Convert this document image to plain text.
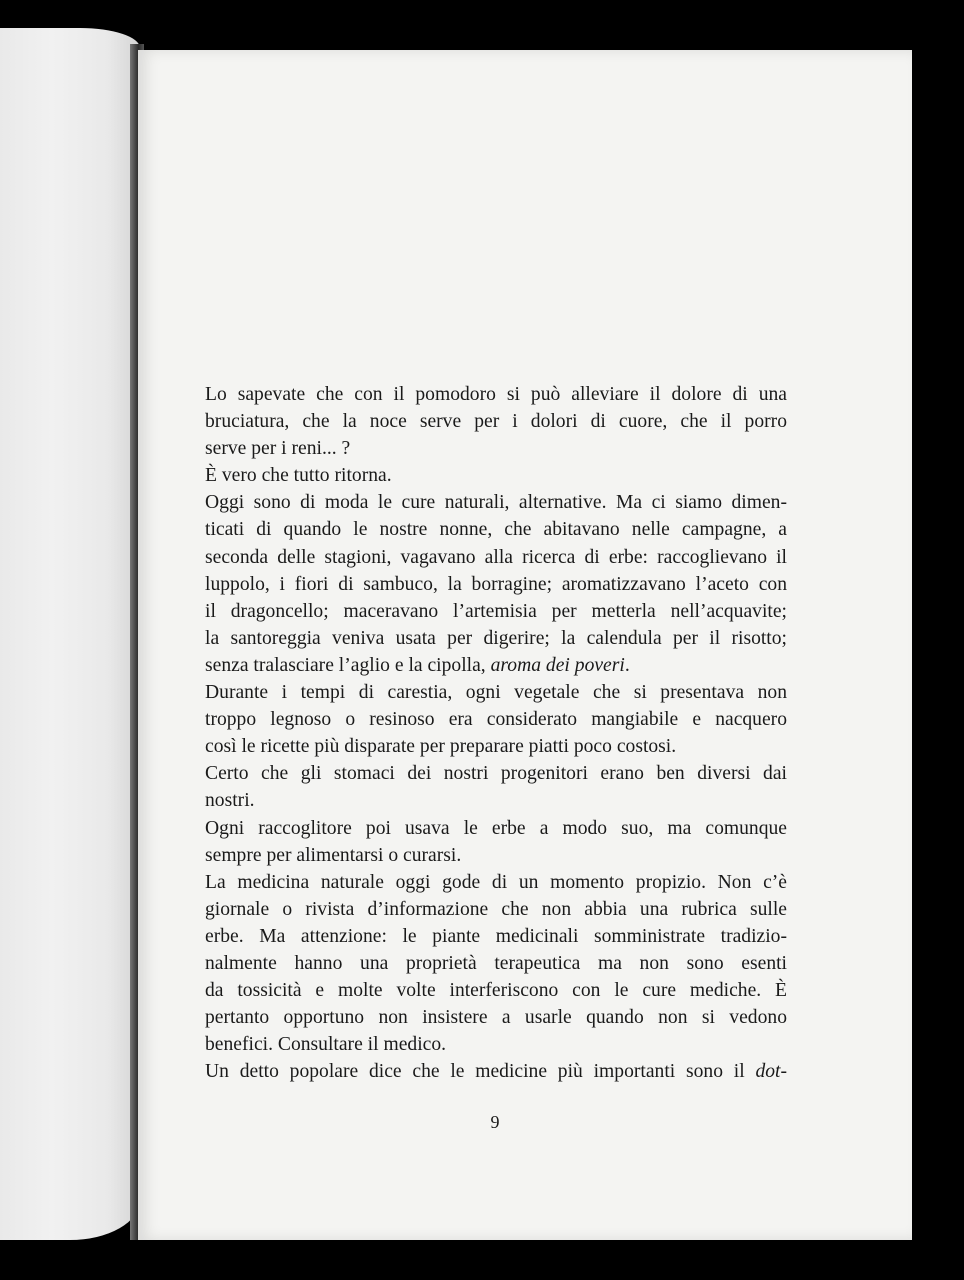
Lo sapevate che con il pomodoro si può alleviare il dolore di una
bruciatura, che la noce serve per i dolori di cuore, che il porro
serve per i reni... ?
È vero che tutto ritorna.
Oggi sono di moda le cure naturali, alternative. Ma ci siamo dimen-
ticati di quando le nostre nonne, che abitavano nelle campagne, a
seconda delle stagioni, vagavano alla ricerca di erbe: raccoglievano il
luppolo, i fiori di sambuco, la borragine; aromatizzavano l’aceto con
il dragoncello; maceravano l’artemisia per metterla nell’acquavite;
la santoreggia veniva usata per digerire; la calendula per il risotto;
senza tralasciare l’aglio e la cipolla, aroma dei poveri.
Durante i tempi di carestia, ogni vegetale che si presentava non
troppo legnoso o resinoso era considerato mangiabile e nacquero
così le ricette più disparate per preparare piatti poco costosi.
Certo che gli stomaci dei nostri progenitori erano ben diversi dai
nostri.
Ogni raccoglitore poi usava le erbe a modo suo, ma comunque
sempre per alimentarsi o curarsi.
La medicina naturale oggi gode di un momento propizio. Non c’è
giornale o rivista d’informazione che non abbia una rubrica sulle
erbe. Ma attenzione: le piante medicinali somministrate tradizio-
nalmente hanno una proprietà terapeutica ma non sono esenti
da tossicità e molte volte interferiscono con le cure mediche. È
pertanto opportuno non insistere a usarle quando non si vedono
benefici. Consultare il medico.
Un detto popolare dice che le medicine più importanti sono il dot-
9
